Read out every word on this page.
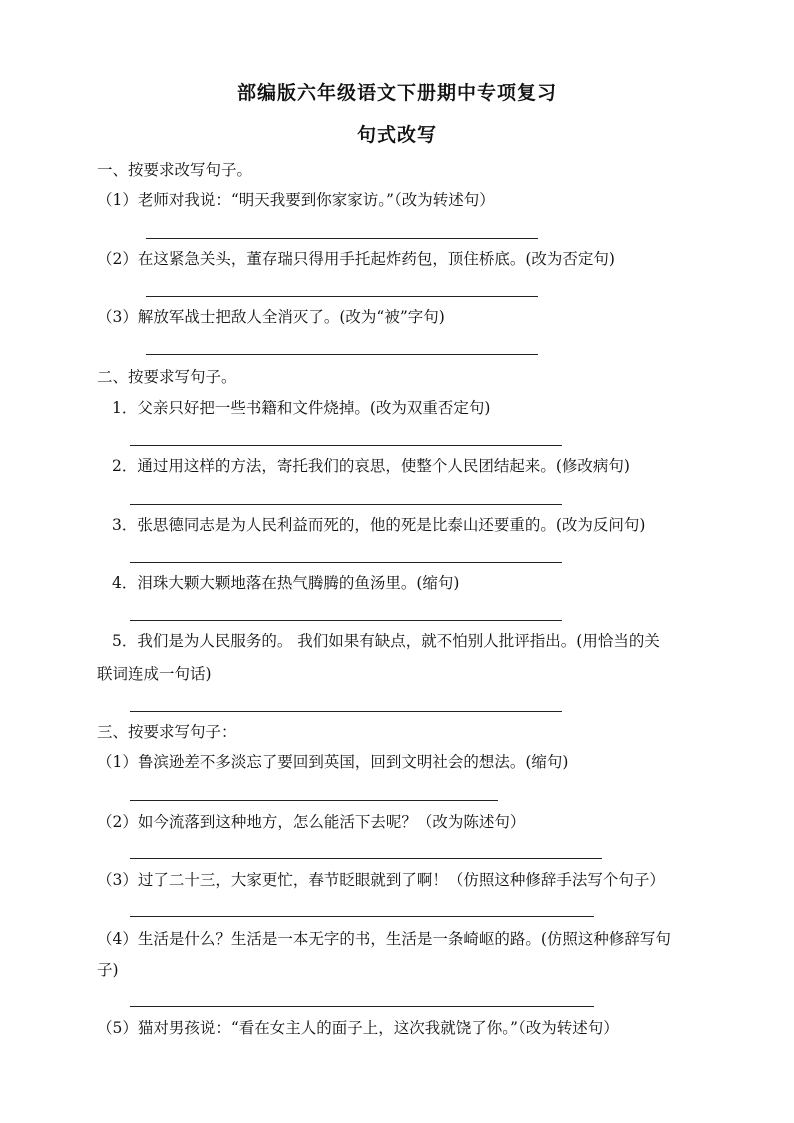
部编版六年级语文下册期中专项复习
句式改写
一、按要求改写句子。
（1）老师对我说：“明天我要到你家家访。”（改为转述句）
（2）在这紧急关头，董存瑞只得用手托起炸药包，顶住桥底。(改为否定句)
（3）解放军战士把敌人全消灭了。(改为“被”字句)
二、按要求写句子。
1．父亲只好把一些书籍和文件烧掉。(改为双重否定句)
2．通过用这样的方法，寄托我们的哀思，使整个人民团结起来。(修改病句)
3．张思德同志是为人民利益而死的，他的死是比泰山还要重的。(改为反问句)
4．泪珠大颗大颗地落在热气腾腾的鱼汤里。(缩句)
5．我们是为人民服务的。 我们如果有缺点，就不怕别人批评指出。(用恰当的关
联词连成一句话)
三、按要求写句子：
（1）鲁滨逊差不多淡忘了要回到英国，回到文明社会的想法。(缩句)
（2）如今流落到这种地方，怎么能活下去呢？（改为陈述句）
（3）过了二十三，大家更忙，春节眨眼就到了啊！（仿照这种修辞手法写个句子）
（4）生活是什么？生活是一本无字的书，生活是一条崎岖的路。(仿照这种修辞写句
子)
（5）猫对男孩说：“看在女主人的面子上，这次我就饶了你。”（改为转述句）
